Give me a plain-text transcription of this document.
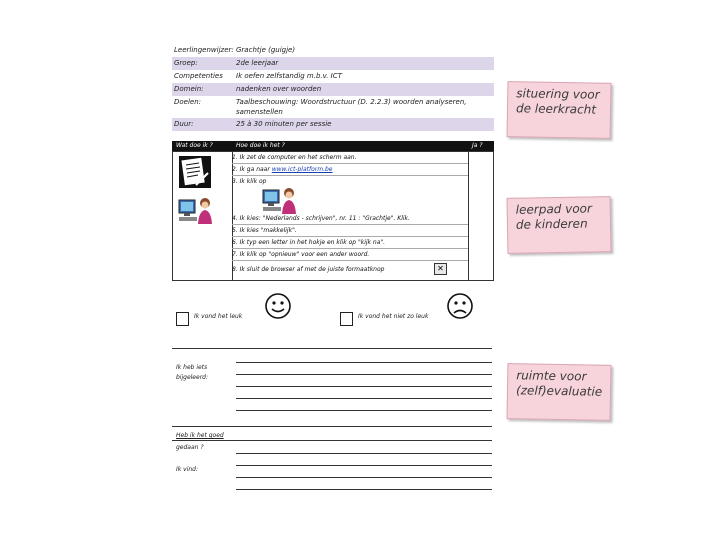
Leerlingenwijzer: Grachtje (guigje)
Groep:	2de leerjaar
Competenties Ik oefen zelfstandig m.b.v. ICT
Domein:	nadenken over woorden
Doelen:	Taalbeschouwing: Woordstructuur (D. 2.2.3) woorden analyseren,
samenstellen
Duur:	25 à 30 minuten per sessie
Wat doe ik ?	Hoe doe ik het ?	Ja ?
1. Ik zet de computer en het scherm aan.
2. Ik ga naar www.ict-platform.be
3. Ik klik op
4. Ik kies: "Nederlands - schrijven", nr. 11 : "Grachtje". Klik.
5. Ik kies "makkelijk".
6. Ik typ een letter in het hokje en klik op "kijk na".
7. Ik klik op "opnieuw" voor een ander woord.
8. Ik sluit de browser af met de juiste formaatknop	✕
Ik vond het leuk	Ik vond het niet zo leuk
Ik heb iets
bijgeleerd:
Heb ik het goed
gedaan ?
Ik vind:
situering voor
de leerkracht
leerpad voor
de kinderen
ruimte voor
(zelf)evaluatie
